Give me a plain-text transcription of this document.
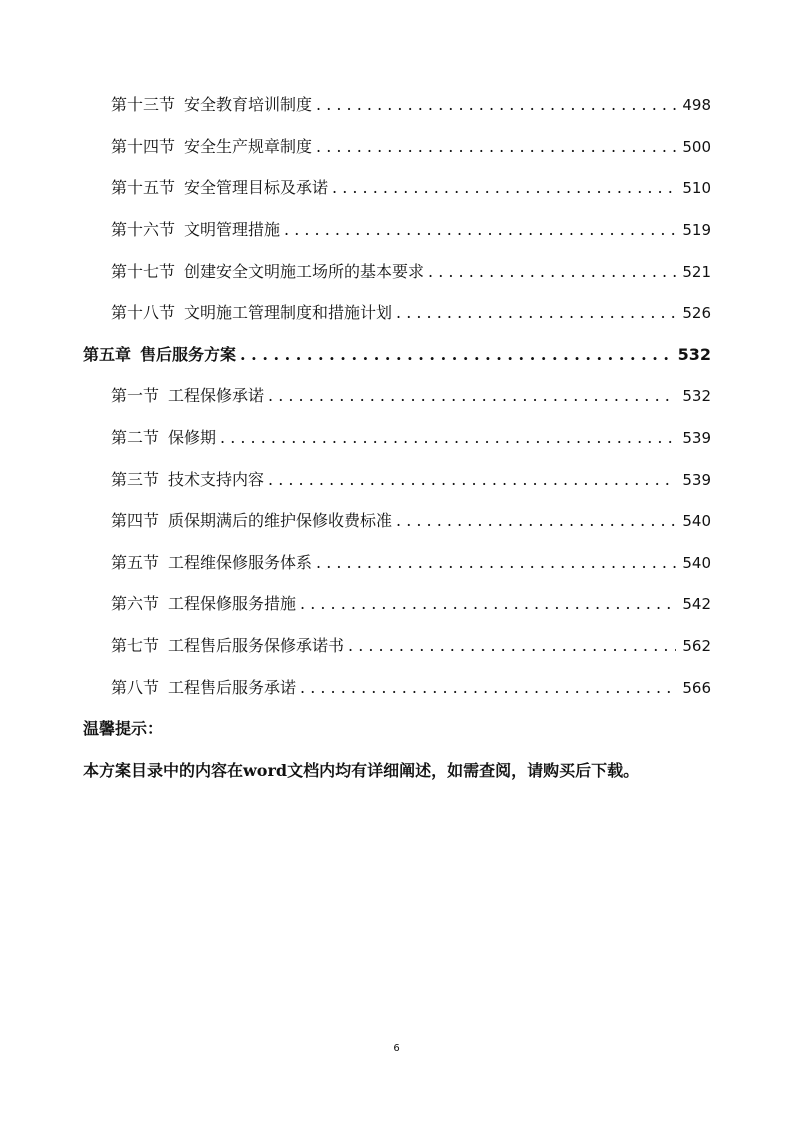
第十三节 安全教育培训制度 . . .	498
第十四节 安全生产规章制度 . . .	500
第十五节 安全管理目标及承诺 . . .	510
第十六节 文明管理措施 . . .	519
第十七节 创建安全文明施工场所的基本要求 . . .	521
第十八节 文明施工管理制度和措施计划 . . .	526
第五章 售后服务方案 . . .	532
第一节 工程保修承诺 . . .	532
第二节 保修期 . . .	539
第三节 技术支持内容 . . .	539
第四节 质保期满后的维护保修收费标准 . . .	540
第五节 工程维保修服务体系 . . .	540
第六节 工程保修服务措施 . . .	542
第七节 工程售后服务保修承诺书 . . .	562
第八节 工程售后服务承诺 . . .	566
温馨提示：
本方案目录中的内容在word文档内均有详细阐述，如需查阅，请购买后下载。
6
